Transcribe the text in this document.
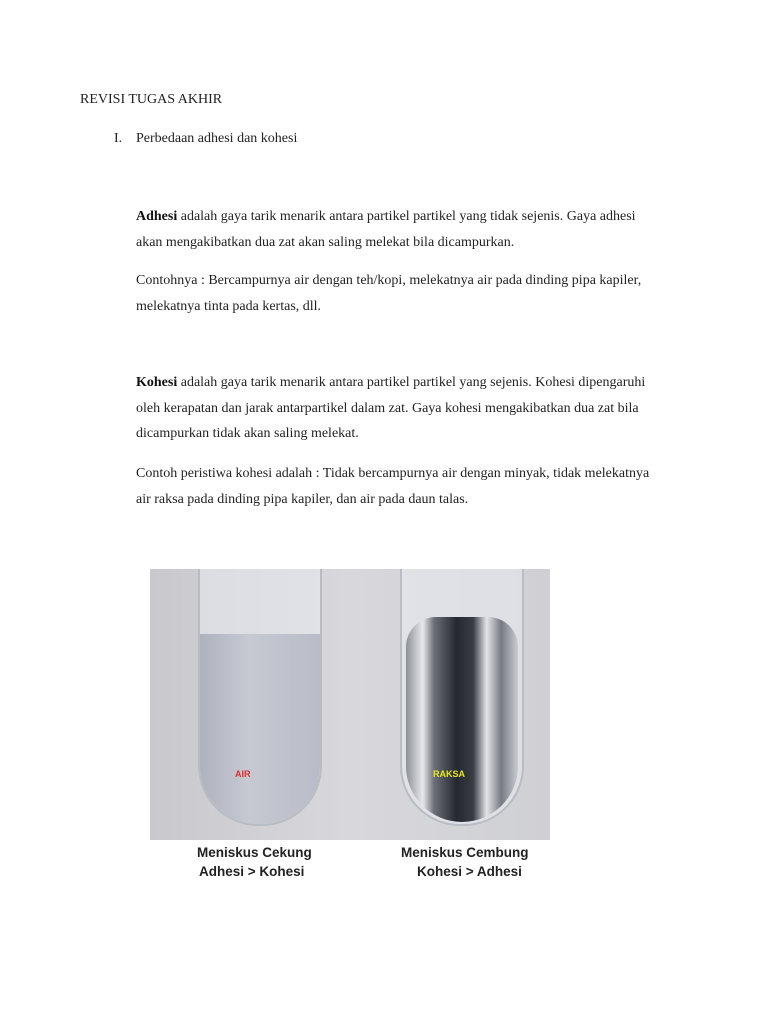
REVISI TUGAS AKHIR
I. Perbedaan adhesi dan kohesi
Adhesi adalah gaya tarik menarik antara partikel partikel yang tidak sejenis. Gaya adhesi
akan mengakibatkan dua zat akan saling melekat bila dicampurkan.
Contohnya : Bercampurnya air dengan teh/kopi, melekatnya air pada dinding pipa kapiler,
melekatnya tinta pada kertas, dll.
Kohesi adalah gaya tarik menarik antara partikel partikel yang sejenis. Kohesi dipengaruhi
oleh kerapatan dan jarak antarpartikel dalam zat. Gaya kohesi mengakibatkan dua zat bila
dicampurkan tidak akan saling melekat.
Contoh peristiwa kohesi adalah : Tidak bercampurnya air dengan minyak, tidak melekatnya
air raksa pada dinding pipa kapiler, dan air pada daun talas.
AIR	RAKSA
Meniskus Cekung
Adhesi > Kohesi
Meniskus Cembung
Kohesi > Adhesi
